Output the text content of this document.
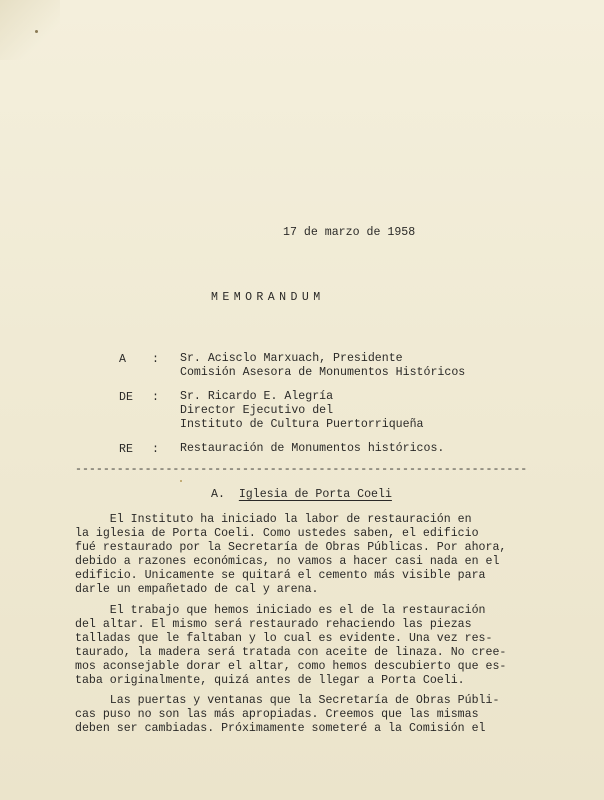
17 de marzo de 1958
MEMORANDUM
A : Sr. Acisclo Marxuach, Presidente
Comisión Asesora de Monumentos Históricos
DE : Sr. Ricardo E. Alegría
Director Ejecutivo del
Instituto de Cultura Puertorriqueña
RE : Restauración de Monumentos históricos.
-----------------------------------------------------------------
A. Iglesia de Porta Coeli
El Instituto ha iniciado la labor de restauración en
la iglesia de Porta Coeli. Como ustedes saben, el edificio
fué restaurado por la Secretaría de Obras Públicas. Por ahora,
debido a razones económicas, no vamos a hacer casi nada en el
edificio. Unicamente se quitará el cemento más visible para
darle un empañetado de cal y arena.
El trabajo que hemos iniciado es el de la restauración
del altar. El mismo será restaurado rehaciendo las piezas
talladas que le faltaban y lo cual es evidente. Una vez res-
taurado, la madera será tratada con aceite de linaza. No cree-
mos aconsejable dorar el altar, como hemos descubierto que es-
taba originalmente, quizá antes de llegar a Porta Coeli.
Las puertas y ventanas que la Secretaría de Obras Públi-
cas puso no son las más apropiadas. Creemos que las mismas
deben ser cambiadas. Próximamente someteré a la Comisión el
